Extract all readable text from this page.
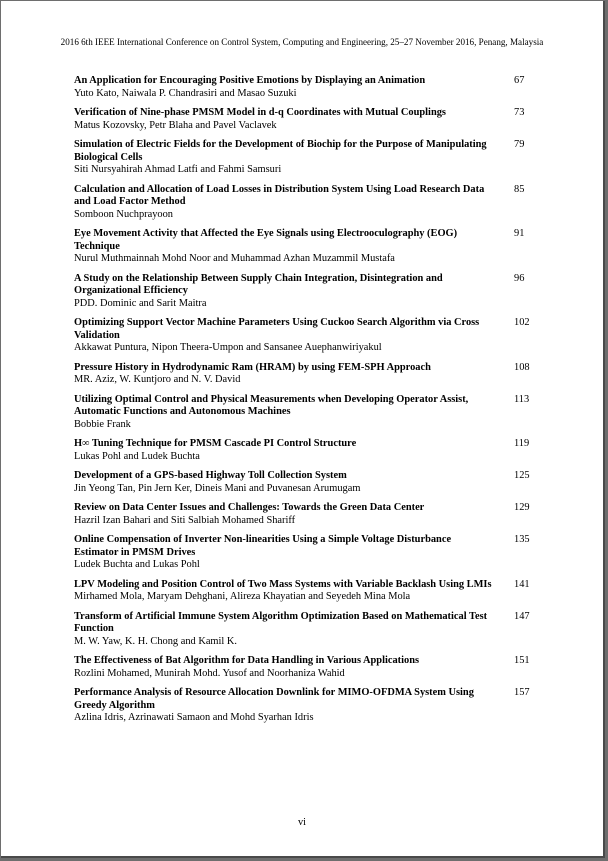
2016 6th IEEE International Conference on Control System, Computing and Engineering, 25–27 November 2016, Penang, Malaysia
An Application for Encouraging Positive Emotions by Displaying an Animation
Yuto Kato, Naiwala P. Chandrasiri and Masao Suzuki
67
Verification of Nine-phase PMSM Model in d-q Coordinates with Mutual Couplings
Matus Kozovsky, Petr Blaha and Pavel Vaclavek
73
Simulation of Electric Fields for the Development of Biochip for the Purpose of Manipulating Biological Cells
Siti Nursyahirah Ahmad Latfi and Fahmi Samsuri
79
Calculation and Allocation of Load Losses in Distribution System Using Load Research Data and Load Factor Method
Somboon Nuchprayoon
85
Eye Movement Activity that Affected the Eye Signals using Electrooculography (EOG) Technique
Nurul Muthmainnah Mohd Noor and Muhammad Azhan Muzammil Mustafa
91
A Study on the Relationship Between Supply Chain Integration, Disintegration and Organizational Efficiency
PDD. Dominic and Sarit Maitra
96
Optimizing Support Vector Machine Parameters Using Cuckoo Search Algorithm via Cross Validation
Akkawat Puntura, Nipon Theera-Umpon and Sansanee Auephanwiriyakul
102
Pressure History in Hydrodynamic Ram (HRAM) by using FEM-SPH Approach
MR. Aziz, W. Kuntjoro and N. V. David
108
Utilizing Optimal Control and Physical Measurements when Developing Operator Assist, Automatic Functions and Autonomous Machines
Bobbie Frank
113
H∞ Tuning Technique for PMSM Cascade PI Control Structure
Lukas Pohl and Ludek Buchta
119
Development of a GPS-based Highway Toll Collection System
Jin Yeong Tan, Pin Jern Ker, Dineis Mani and Puvanesan Arumugam
125
Review on Data Center Issues and Challenges: Towards the Green Data Center
Hazril Izan Bahari and Siti Salbiah Mohamed Shariff
129
Online Compensation of Inverter Non-linearities Using a Simple Voltage Disturbance Estimator in PMSM Drives
Ludek Buchta and Lukas Pohl
135
LPV Modeling and Position Control of Two Mass Systems with Variable Backlash Using LMIs
Mirhamed Mola, Maryam Dehghani, Alireza Khayatian and Seyedeh Mina Mola
141
Transform of Artificial Immune System Algorithm Optimization Based on Mathematical Test Function
M. W. Yaw, K. H. Chong and Kamil K.
147
The Effectiveness of Bat Algorithm for Data Handling in Various Applications
Rozlini Mohamed, Munirah Mohd. Yusof and Noorhaniza Wahid
151
Performance Analysis of Resource Allocation Downlink for MIMO-OFDMA System Using Greedy Algorithm
Azlina Idris, Azrinawati Samaon and Mohd Syarhan Idris
157
vi
